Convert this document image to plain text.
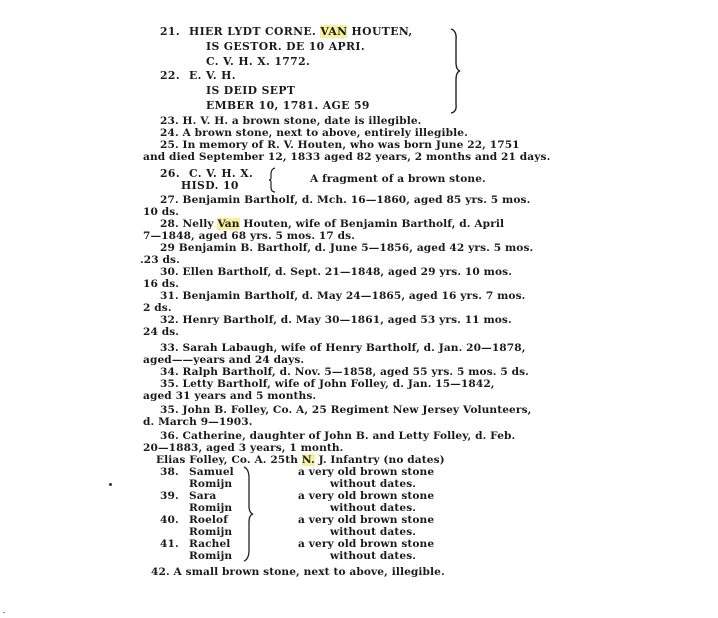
21. HIER LYDT CORNE. VAN HOUTEN,
IS GESTOR. DE 10 APRI.
C. V. H. X. 1772.
22. E. V. H.
IS DEID SEPT
EMBER 10, 1781. AGE 59
23. H. V. H. a brown stone, date is illegible.
24. A brown stone, next to above, entirely illegible.
25. In memory of R. V. Houten, who was born June 22, 1751
and died September 12, 1833 aged 82 years, 2 months and 21 days.
26. C. V. H. X.
HISD. 10	A fragment of a brown stone.
27. Benjamin Bartholf, d. Mch. 16—1860, aged 85 yrs. 5 mos.
10 ds.
28. Nelly Van Houten, wife of Benjamin Bartholf, d. April
7—1848, aged 68 yrs. 5 mos. 17 ds.
29 Benjamin B. Bartholf, d. June 5—1856, aged 42 yrs. 5 mos.
.23 ds.
30. Ellen Bartholf, d. Sept. 21—1848, aged 29 yrs. 10 mos.
16 ds.
31. Benjamin Bartholf, d. May 24—1865, aged 16 yrs. 7 mos.
2 ds.
32. Henry Bartholf, d. May 30—1861, aged 53 yrs. 11 mos.
24 ds.
33. Sarah Labaugh, wife of Henry Bartholf, d. Jan. 20—1878,
aged——years and 24 days.
34. Ralph Bartholf, d. Nov. 5—1858, aged 55 yrs. 5 mos. 5 ds.
35. Letty Bartholf, wife of John Folley, d. Jan. 15—1842,
aged 31 years and 5 months.
35. John B. Folley, Co. A, 25 Regiment New Jersey Volunteers,
d. March 9—1903.
36. Catherine, daughter of John B. and Letty Folley, d. Feb.
20—1883, aged 3 years, 1 month.
Elias Folley, Co. A. 25th N. J. Infantry (no dates)
38. Samuel
Romijn
a very old brown stone
without dates.
39. Sara
Romijn
a very old brown stone
without dates.
40. Roelof
Romijn
a very old brown stone
without dates.
41. Rachel
Romijn
a very old brown stone
without dates.
42. A small brown stone, next to above, illegible.
